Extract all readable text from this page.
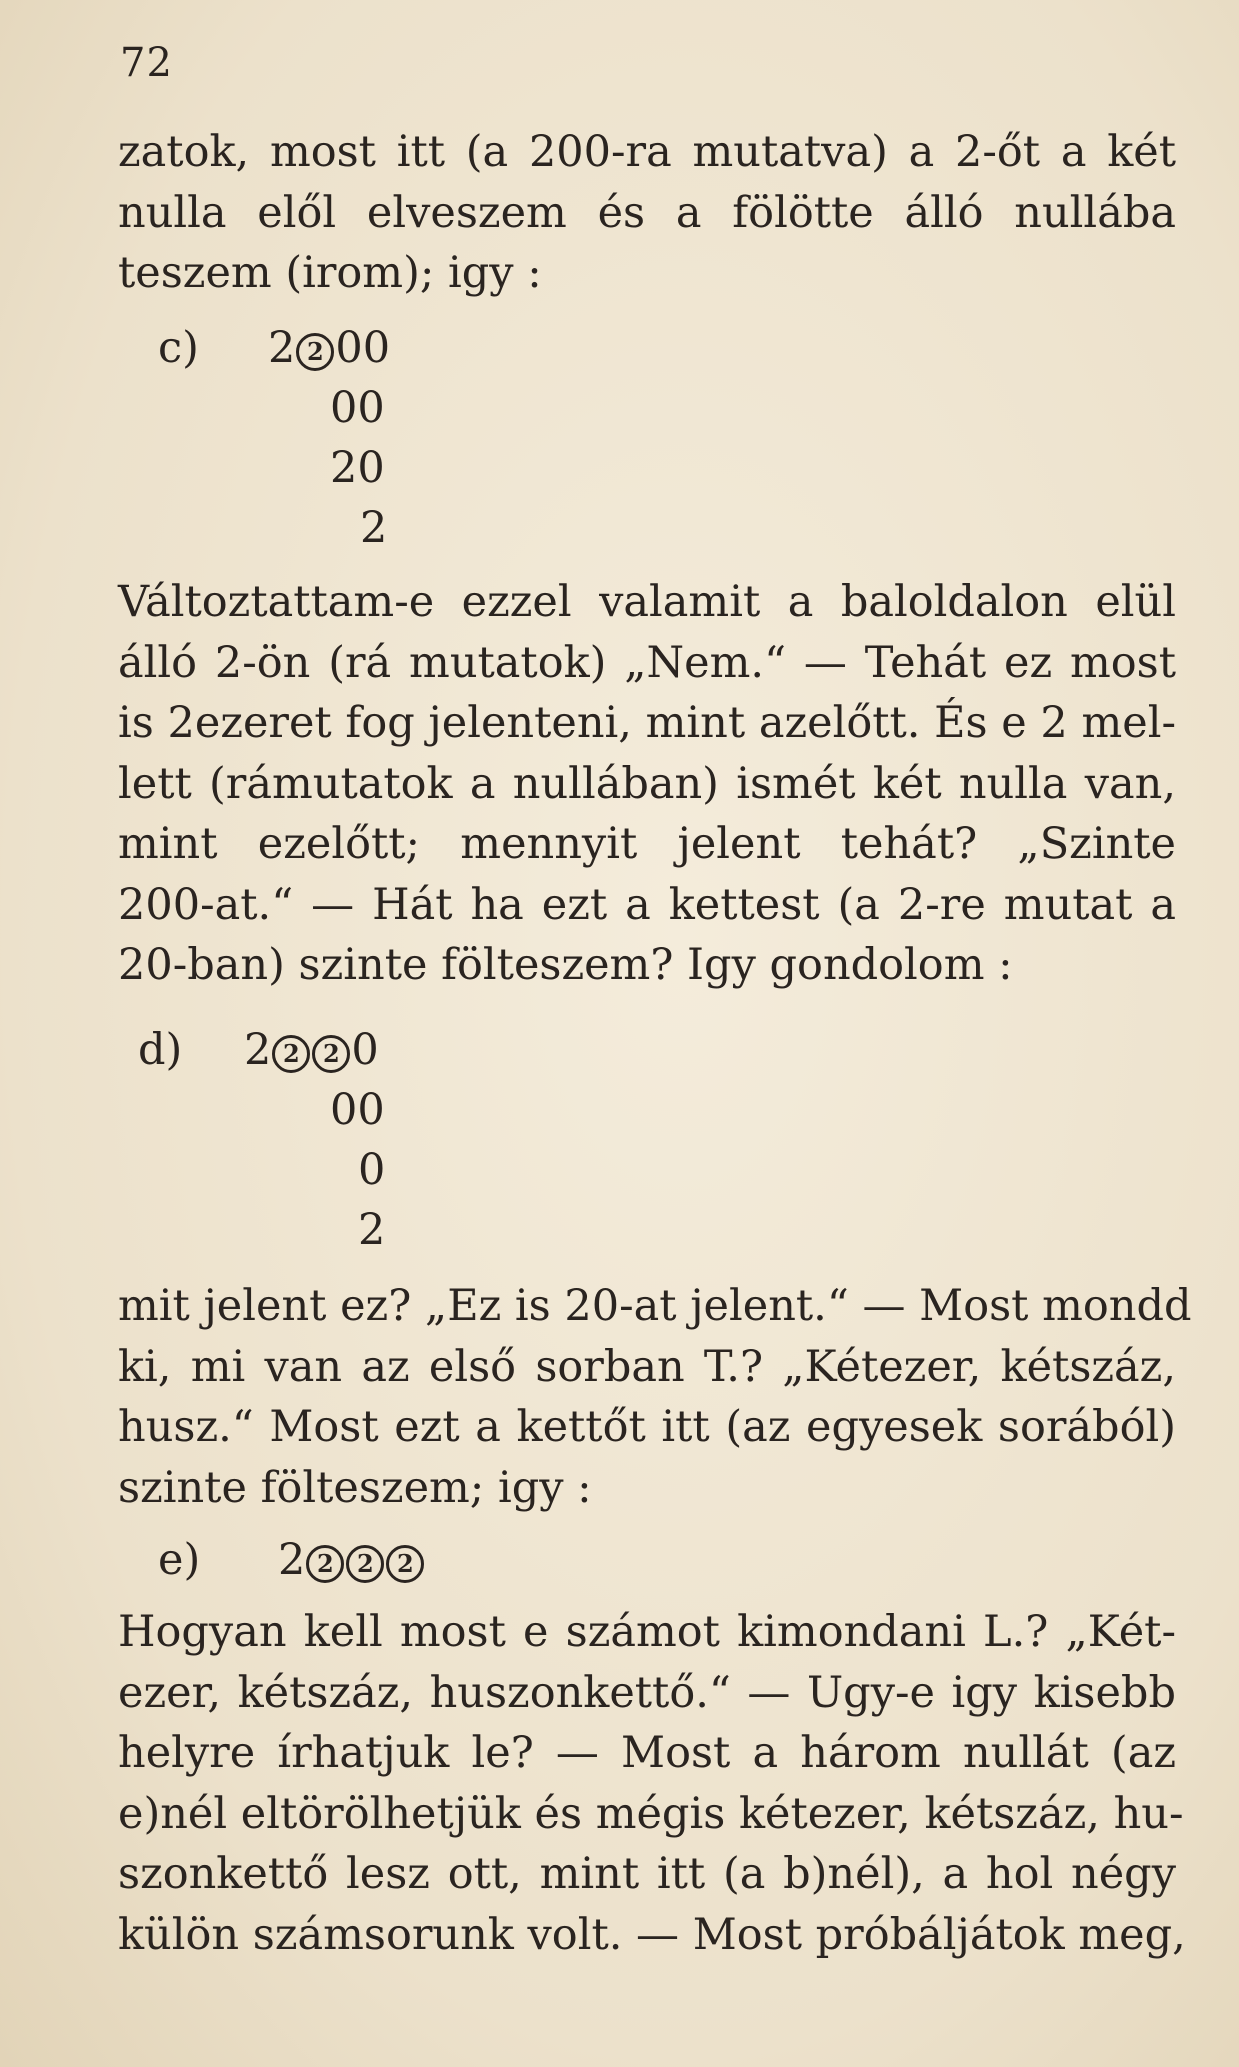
72
zatok, most itt (a 200-ra mutatva) a 2-őt a két
nulla elől elveszem és a fölötte álló nullába
teszem (irom); igy :
c) 2 2 00
00
20
2
Változtattam-e ezzel valamit a baloldalon elül
álló 2-ön (rá mutatok) „Nem.“ — Tehát ez most
is 2ezeret fog jelenteni, mint azelőtt. És e 2 mel-
lett (rámutatok a nullában) ismét két nulla van,
mint ezelőtt; mennyit jelent tehát? „Szinte
200-at.“ — Hát ha ezt a kettest (a 2-re mutat a
20-ban) szinte fölteszem? Igy gondolom :
d) 2 2 2 0
00
0
2
mit jelent ez? „Ez is 20-at jelent.“ — Most mondd
ki, mi van az első sorban T.? „Kétezer, kétszáz,
husz.“ Most ezt a kettőt itt (az egyesek sorából)
szinte fölteszem; igy :
e) 2 2 2 2
Hogyan kell most e számot kimondani L.? „Két-
ezer, kétszáz, huszonkettő.“ — Ugy-e igy kisebb
helyre írhatjuk le? — Most a három nullát (az
e)nél eltörölhetjük és mégis kétezer, kétszáz, hu-
szonkettő lesz ott, mint itt (a b)nél), a hol négy
külön számsorunk volt. — Most próbáljátok meg,
